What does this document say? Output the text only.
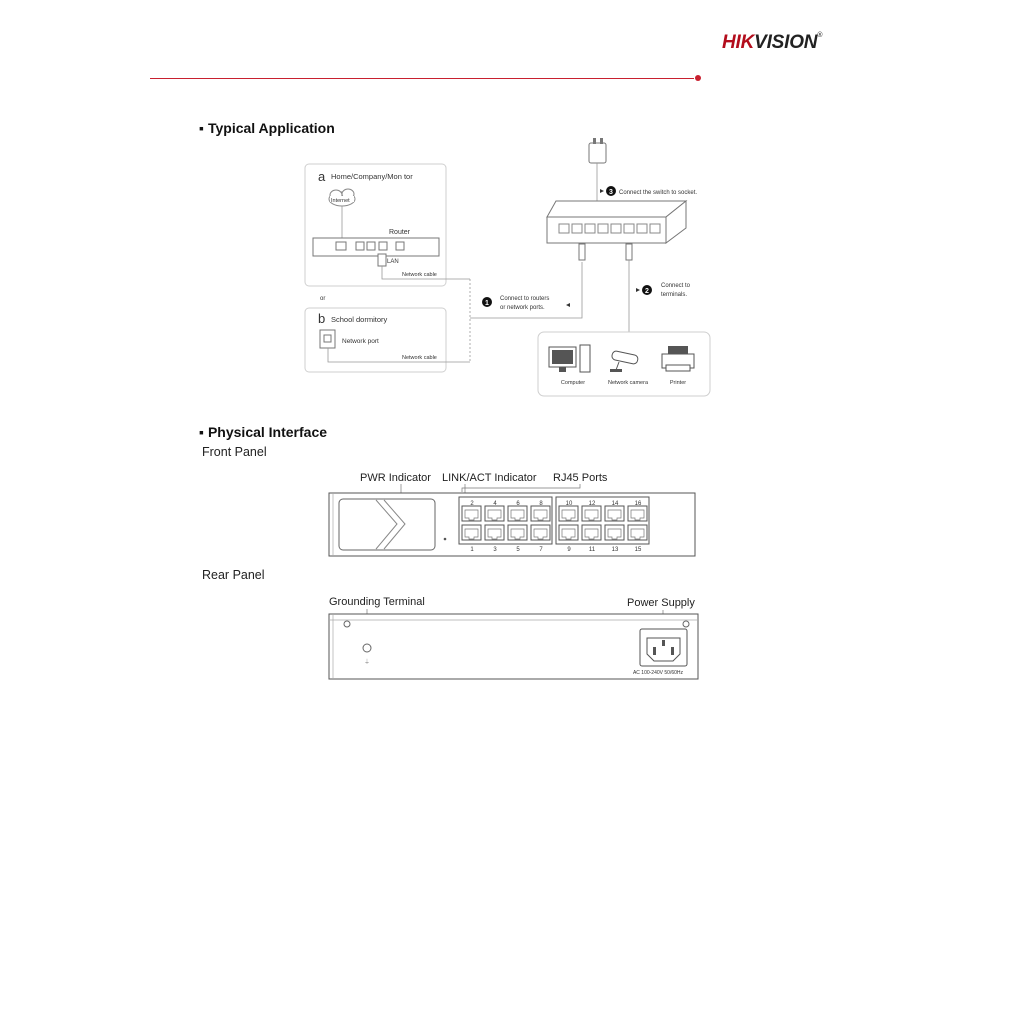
HIKVISION®
▪ Typical Application
a Home/Company/Mon tor
Internet
Router
LAN
Network cable
or
b School dormitory
Network port
Network cable
1
Connect to routers
or network ports.
3 Connect the switch to socket.
2
Connect to
terminals.
Computer	Network camera	Printer
▪ Physical Interface
Front Panel
PWR Indicator LINK/ACT Indicator RJ45 Ports
2
1
4
3
6
5
8
7
10
9
12
11
14
13
16
15
Rear Panel
Grounding Terminal	Power Supply
⏚
AC 100-240V 50/60Hz
